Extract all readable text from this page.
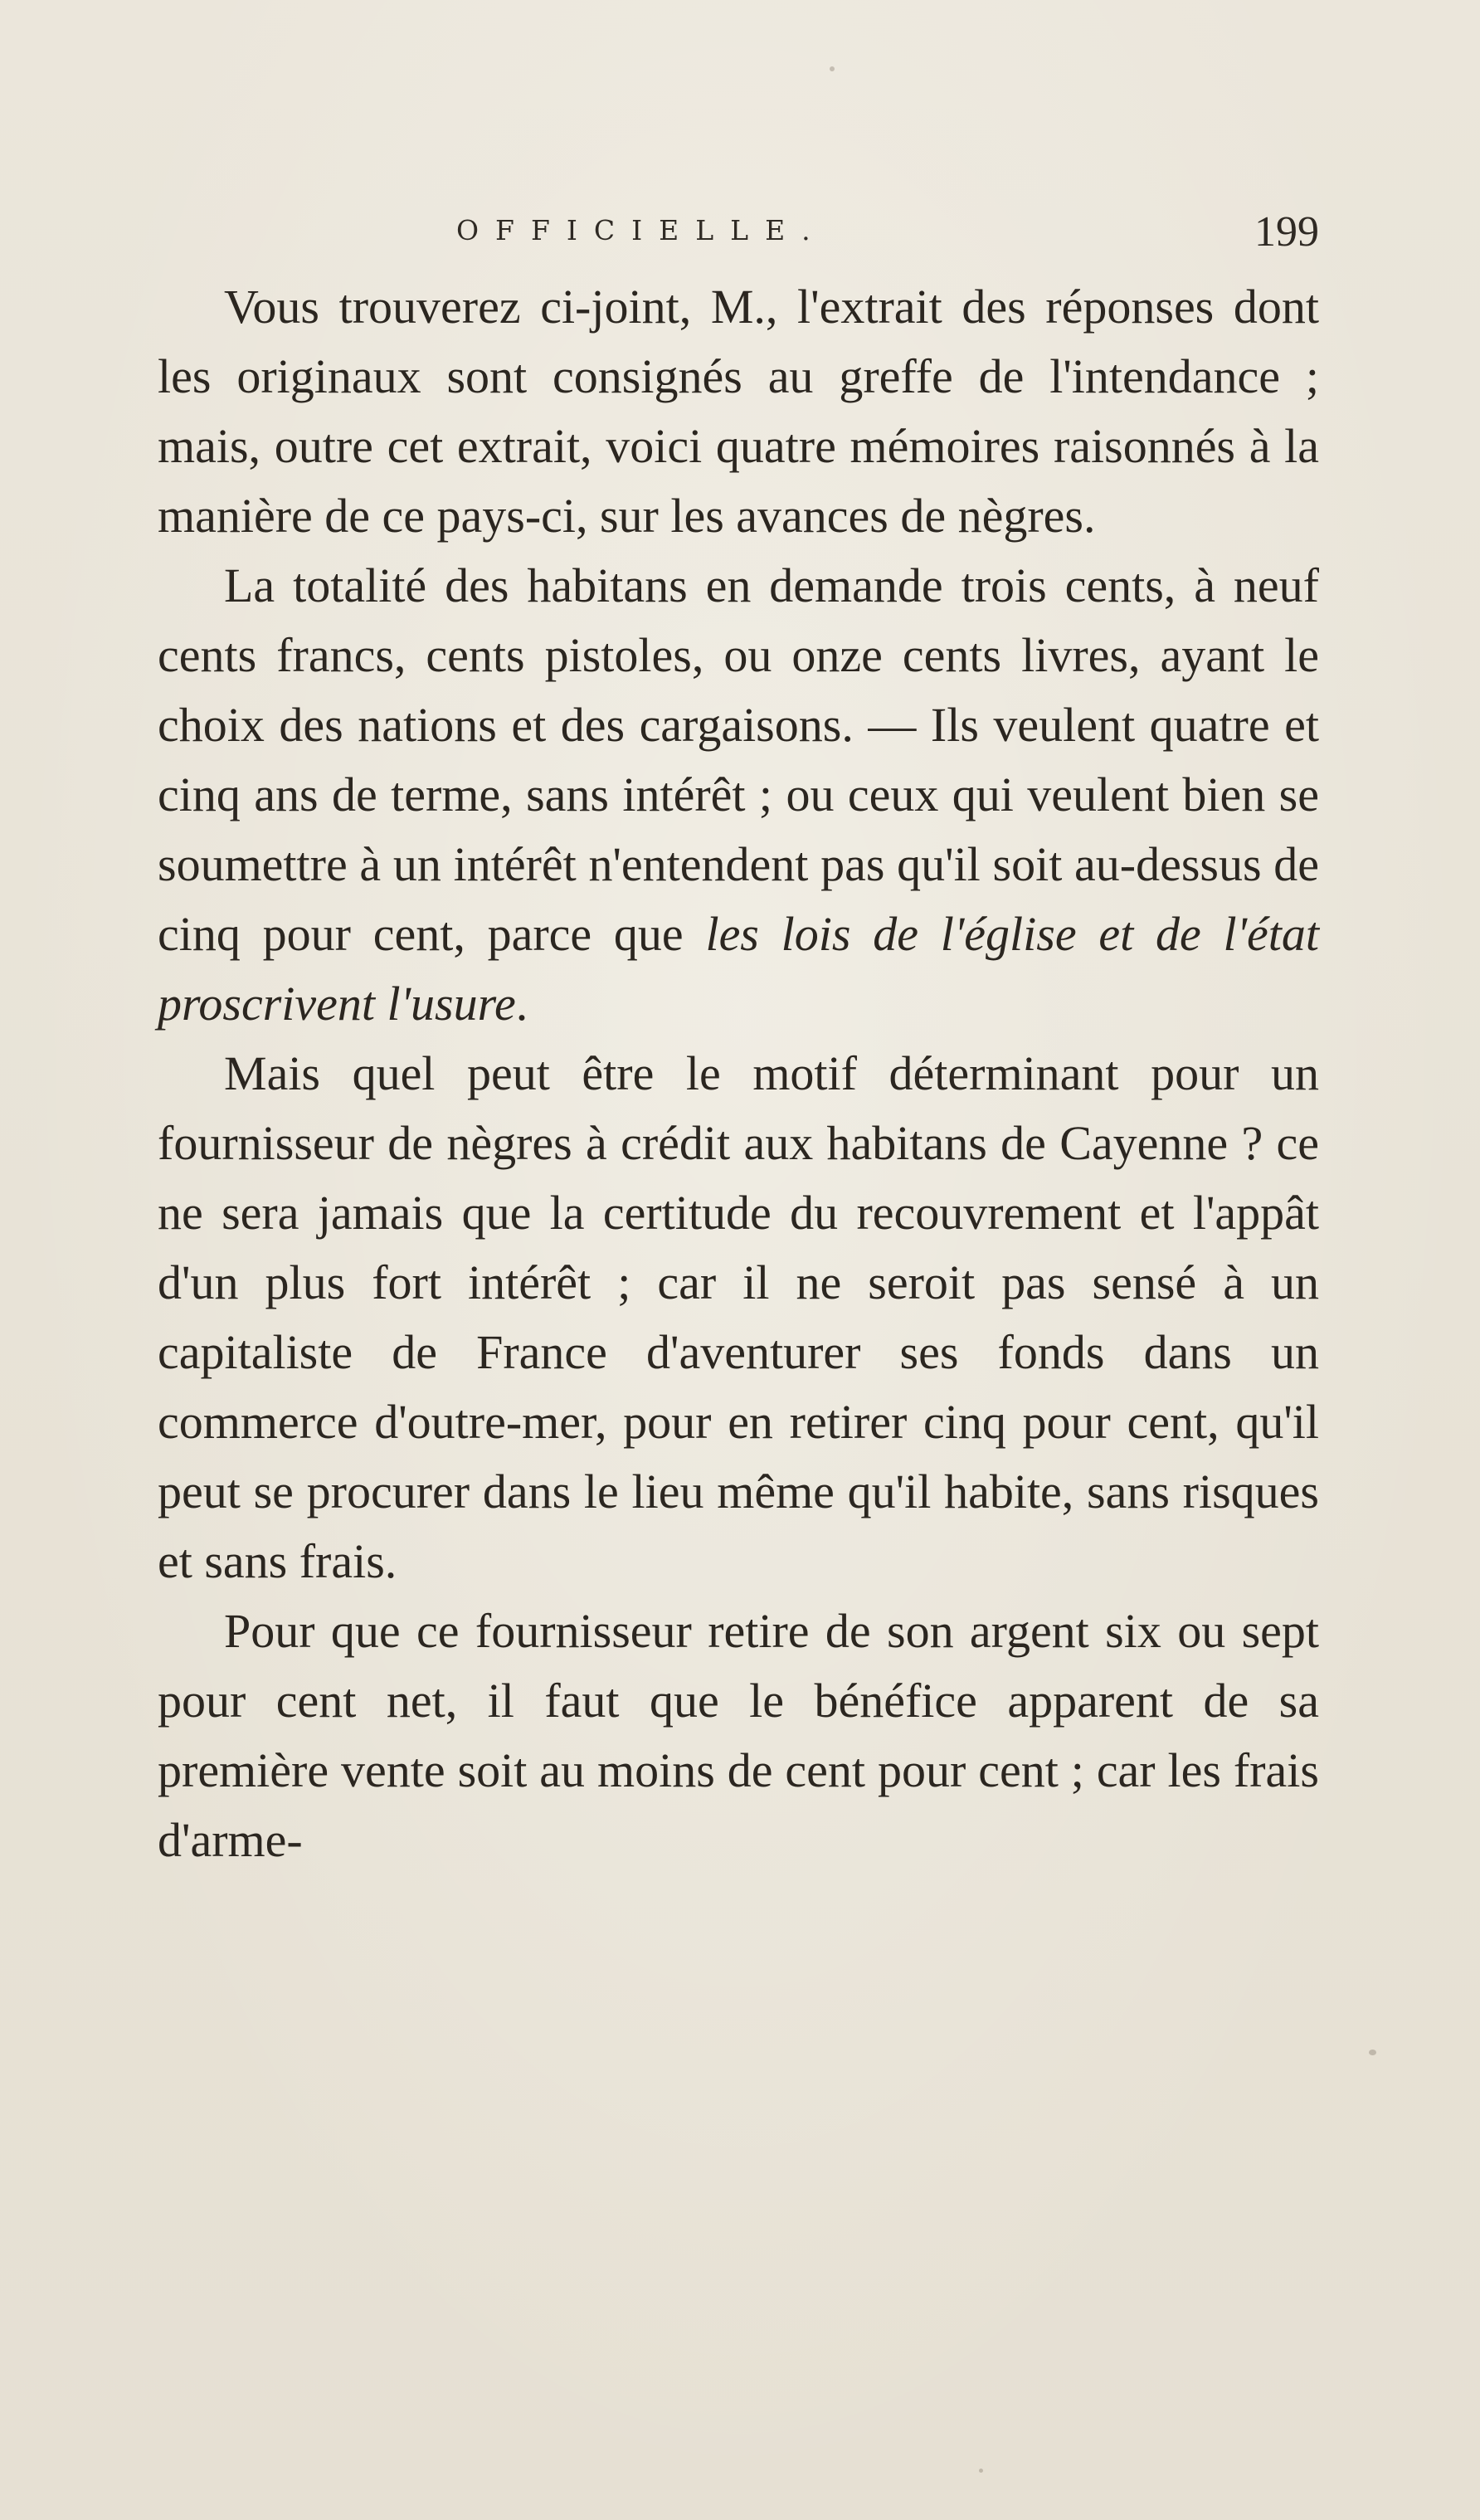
OFFICIELLE.	199

Vous trouverez ci-joint, M., l'extrait des réponses dont les originaux sont consignés au greffe de l'intendance ; mais, outre cet extrait, voici quatre mémoires raisonnés à la manière de ce pays-ci, sur les avances de nègres.

La totalité des habitans en demande trois cents, à neuf cents francs, cents pistoles, ou onze cents livres, ayant le choix des nations et des cargaisons. — Ils veulent quatre et cinq ans de terme, sans intérêt ; ou ceux qui veulent bien se soumettre à un intérêt n'entendent pas qu'il soit au-dessus de cinq pour cent, parce que les lois de l'église et de l'état proscrivent l'usure.

Mais quel peut être le motif déterminant pour un fournisseur de nègres à crédit aux habitans de Cayenne ? ce ne sera jamais que la certitude du recouvrement et l'appât d'un plus fort intérêt ; car il ne seroit pas sensé à un capitaliste de France d'aventurer ses fonds dans un commerce d'outre-mer, pour en retirer cinq pour cent, qu'il peut se procurer dans le lieu même qu'il habite, sans risques et sans frais.

Pour que ce fournisseur retire de son argent six ou sept pour cent net, il faut que le bénéfice apparent de sa première vente soit au moins de cent pour cent ; car les frais d'arme-
